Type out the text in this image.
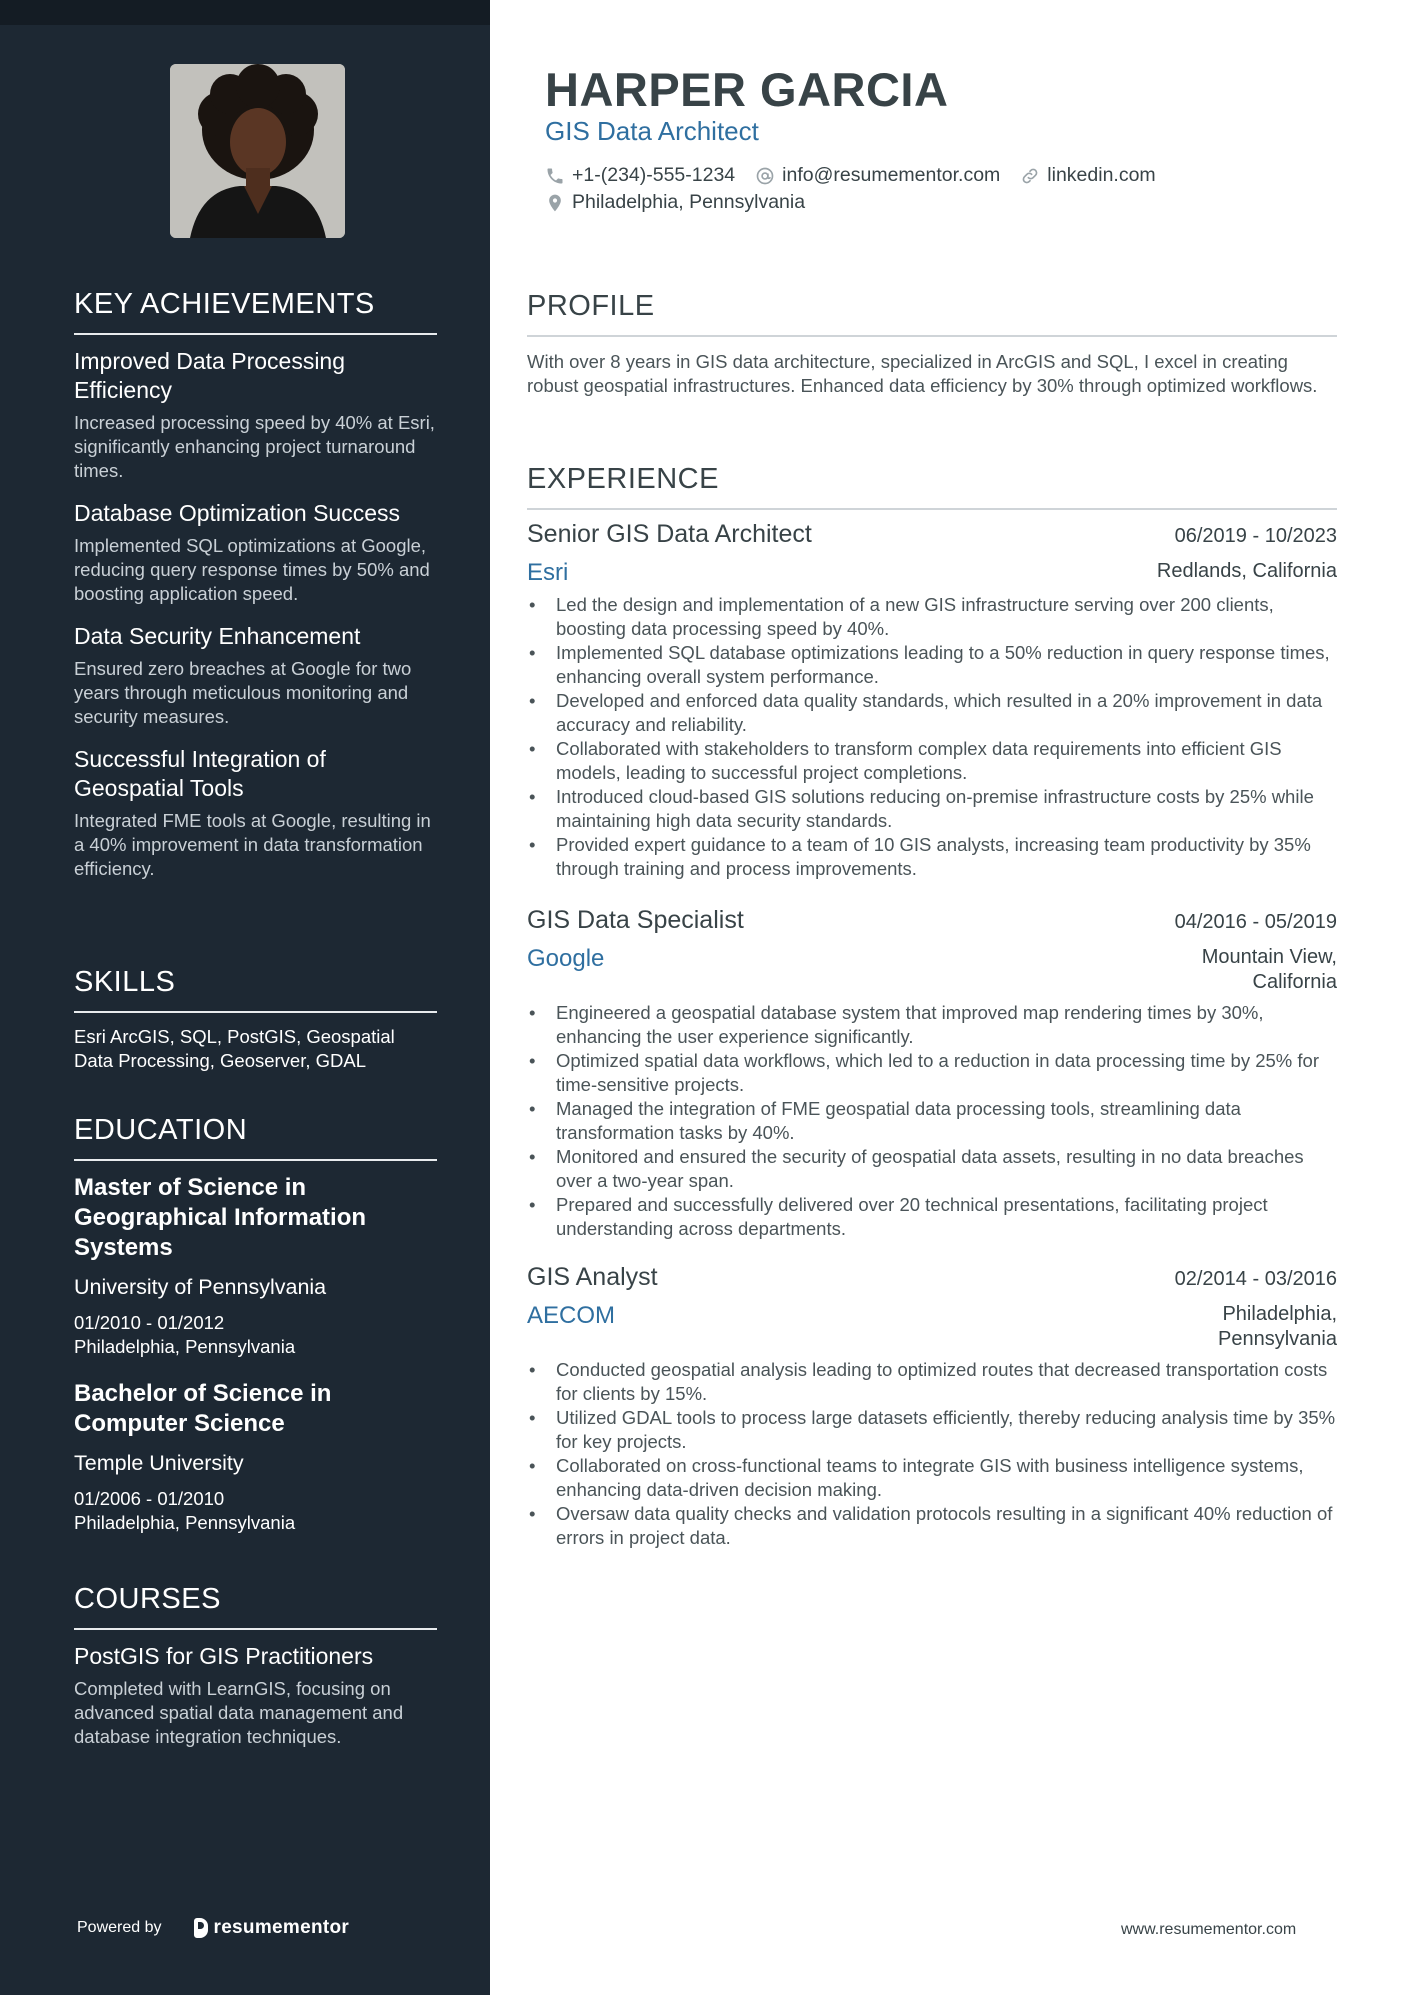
KEY ACHIEVEMENTS
Improved Data Processing Efficiency
Increased processing speed by 40% at Esri, significantly enhancing project turnaround times.
Database Optimization Success
Implemented SQL optimizations at Google, reducing query response times by 50% and boosting application speed.
Data Security Enhancement
Ensured zero breaches at Google for two years through meticulous monitoring and security measures.
Successful Integration of Geospatial Tools
Integrated FME tools at Google, resulting in a 40% improvement in data transformation efficiency.
SKILLS
Esri ArcGIS, SQL, PostGIS, Geospatial Data Processing, Geoserver, GDAL
EDUCATION
Master of Science in Geographical Information Systems
University of Pennsylvania
01/2010 - 01/2012
Philadelphia, Pennsylvania
Bachelor of Science in Computer Science
Temple University
01/2006 - 01/2010
Philadelphia, Pennsylvania
COURSES
PostGIS for GIS Practitioners
Completed with LearnGIS, focusing on advanced spatial data management and database integration techniques.
Powered by	resumementor
HARPER GARCIA
GIS Data Architect
+1-(234)-555-1234 info@resumementor.com linkedin.com
Philadelphia, Pennsylvania
PROFILE
With over 8 years in GIS data architecture, specialized in ArcGIS and SQL, I excel in creating robust geospatial infrastructures. Enhanced data efficiency by 30% through optimized workflows.
EXPERIENCE
Senior GIS Data Architect	06/2019 - 10/2023
Esri	Redlands, California
• Led the design and implementation of a new GIS infrastructure serving over 200 clients, boosting data processing speed by 40%.
• Implemented SQL database optimizations leading to a 50% reduction in query response times, enhancing overall system performance.
• Developed and enforced data quality standards, which resulted in a 20% improvement in data accuracy and reliability.
• Collaborated with stakeholders to transform complex data requirements into efficient GIS models, leading to successful project completions.
• Introduced cloud-based GIS solutions reducing on-premise infrastructure costs by 25% while maintaining high data security standards.
• Provided expert guidance to a team of 10 GIS analysts, increasing team productivity by 35% through training and process improvements.
GIS Data Specialist	04/2016 - 05/2019
Google	Mountain View,
California
• Engineered a geospatial database system that improved map rendering times by 30%, enhancing the user experience significantly.
• Optimized spatial data workflows, which led to a reduction in data processing time by 25% for time-sensitive projects.
• Managed the integration of FME geospatial data processing tools, streamlining data transformation tasks by 40%.
• Monitored and ensured the security of geospatial data assets, resulting in no data breaches over a two-year span.
• Prepared and successfully delivered over 20 technical presentations, facilitating project understanding across departments.
GIS Analyst	02/2014 - 03/2016
AECOM	Philadelphia,
Pennsylvania
• Conducted geospatial analysis leading to optimized routes that decreased transportation costs for clients by 15%.
• Utilized GDAL tools to process large datasets efficiently, thereby reducing analysis time by 35% for key projects.
• Collaborated on cross-functional teams to integrate GIS with business intelligence systems, enhancing data-driven decision making.
• Oversaw data quality checks and validation protocols resulting in a significant 40% reduction of errors in project data.
www.resumementor.com
